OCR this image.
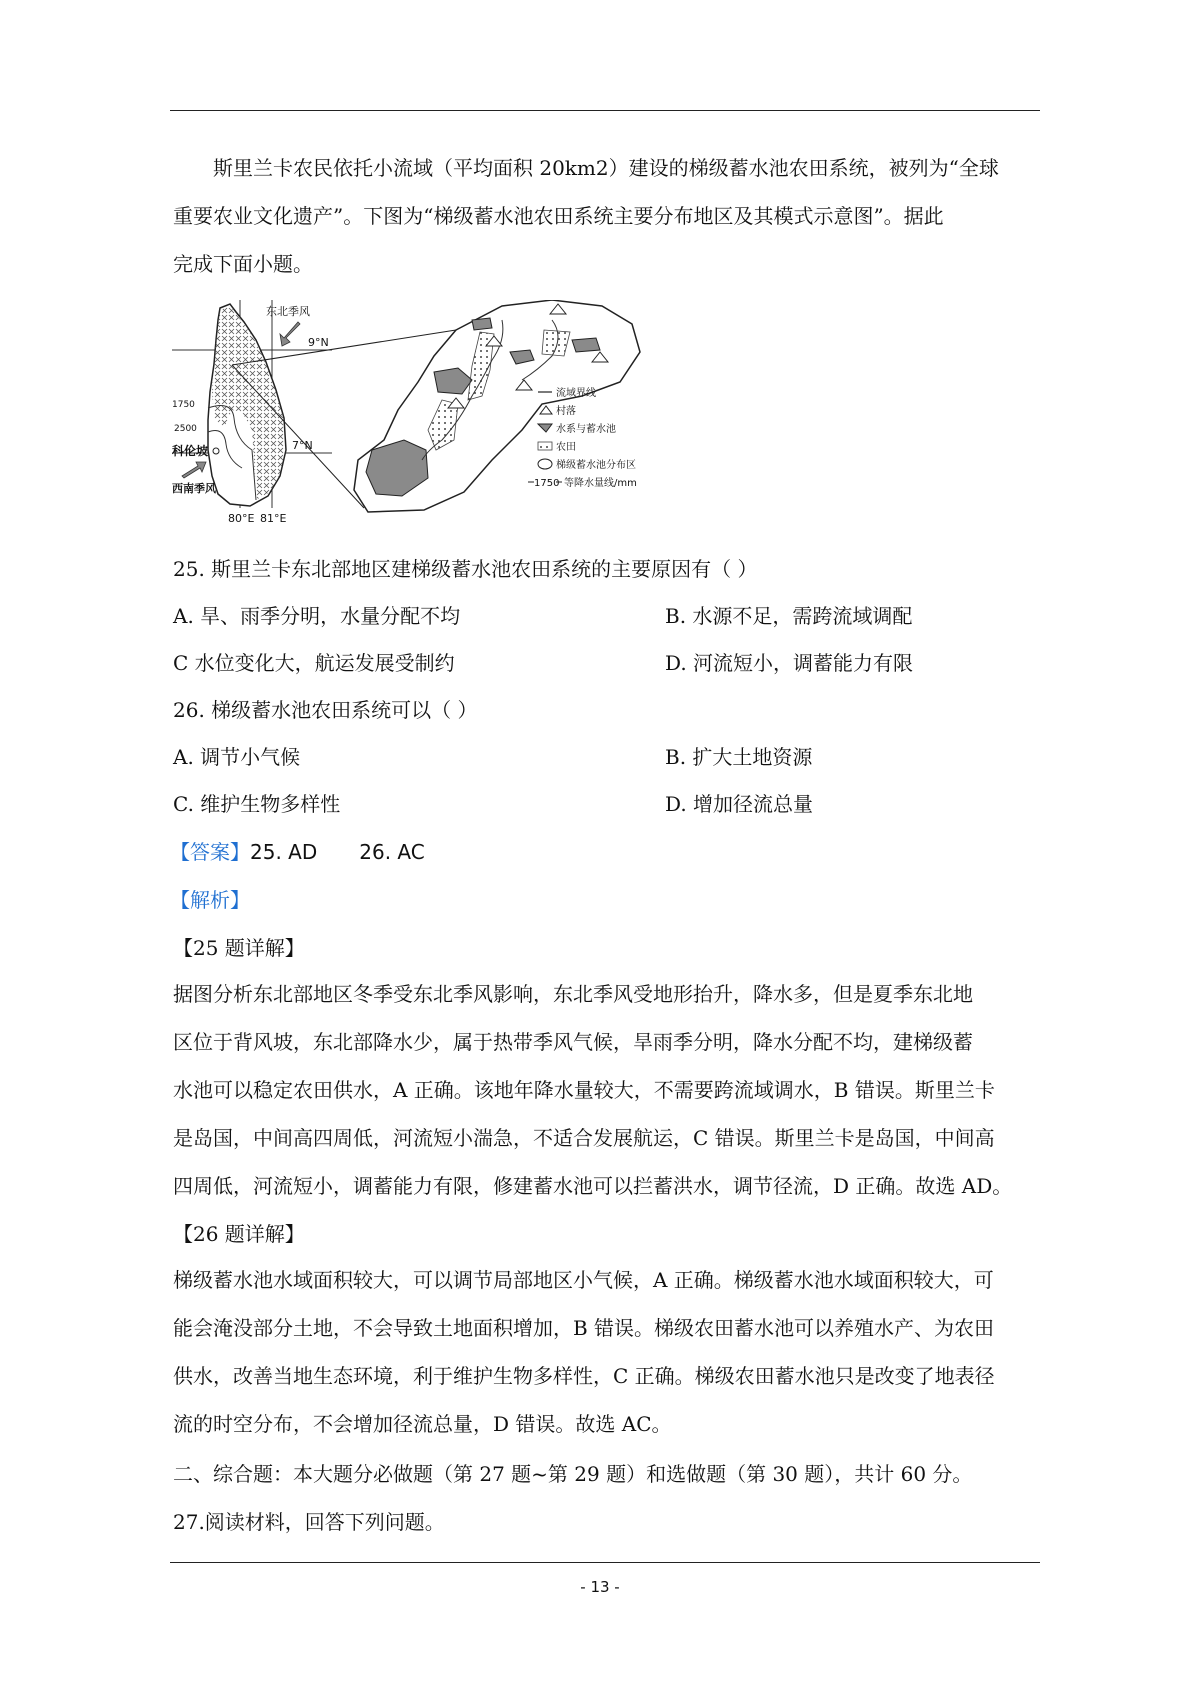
斯里兰卡农民依托小流域（平均面积 20km2）建设的梯级蓄水池农田系统，被列为“全球
重要农业文化遗产”。下图为“梯级蓄水池农田系统主要分布地区及其模式示意图”。据此
完成下面小题。
东北季风
9°N
7°N
1750
2500
科伦坡
西南季风
80°E 81°E
流域界线
村落
水系与蓄水池
农田
梯级蓄水池分布区
1750 等降水量线/mm
25. 斯里兰卡东北部地区建梯级蓄水池农田系统的主要原因有（ ）
A. 旱、雨季分明，水量分配不均	B. 水源不足，需跨流域调配
C 水位变化大，航运发展受制约	D. 河流短小，调蓄能力有限
26. 梯级蓄水池农田系统可以（ ）
A. 调节小气候	B. 扩大土地资源
C. 维护生物多样性	D. 增加径流总量
【答案】25. AD 26. AC
【解析】
【25 题详解】
据图分析东北部地区冬季受东北季风影响，东北季风受地形抬升，降水多，但是夏季东北地
区位于背风坡，东北部降水少，属于热带季风气候，旱雨季分明，降水分配不均，建梯级蓄
水池可以稳定农田供水，A 正确。该地年降水量较大，不需要跨流域调水，B 错误。斯里兰卡
是岛国，中间高四周低，河流短小湍急，不适合发展航运，C 错误。斯里兰卡是岛国，中间高
四周低，河流短小，调蓄能力有限，修建蓄水池可以拦蓄洪水，调节径流，D 正确。故选 AD。
【26 题详解】
梯级蓄水池水域面积较大，可以调节局部地区小气候，A 正确。梯级蓄水池水域面积较大，可
能会淹没部分土地，不会导致土地面积增加，B 错误。梯级农田蓄水池可以养殖水产、为农田
供水，改善当地生态环境，利于维护生物多样性，C 正确。梯级农田蓄水池只是改变了地表径
流的时空分布，不会增加径流总量，D 错误。故选 AC。
二、综合题：本大题分必做题（第 27 题~第 29 题）和选做题（第 30 题），共计 60 分。
27.阅读材料，回答下列问题。
- 13 -
